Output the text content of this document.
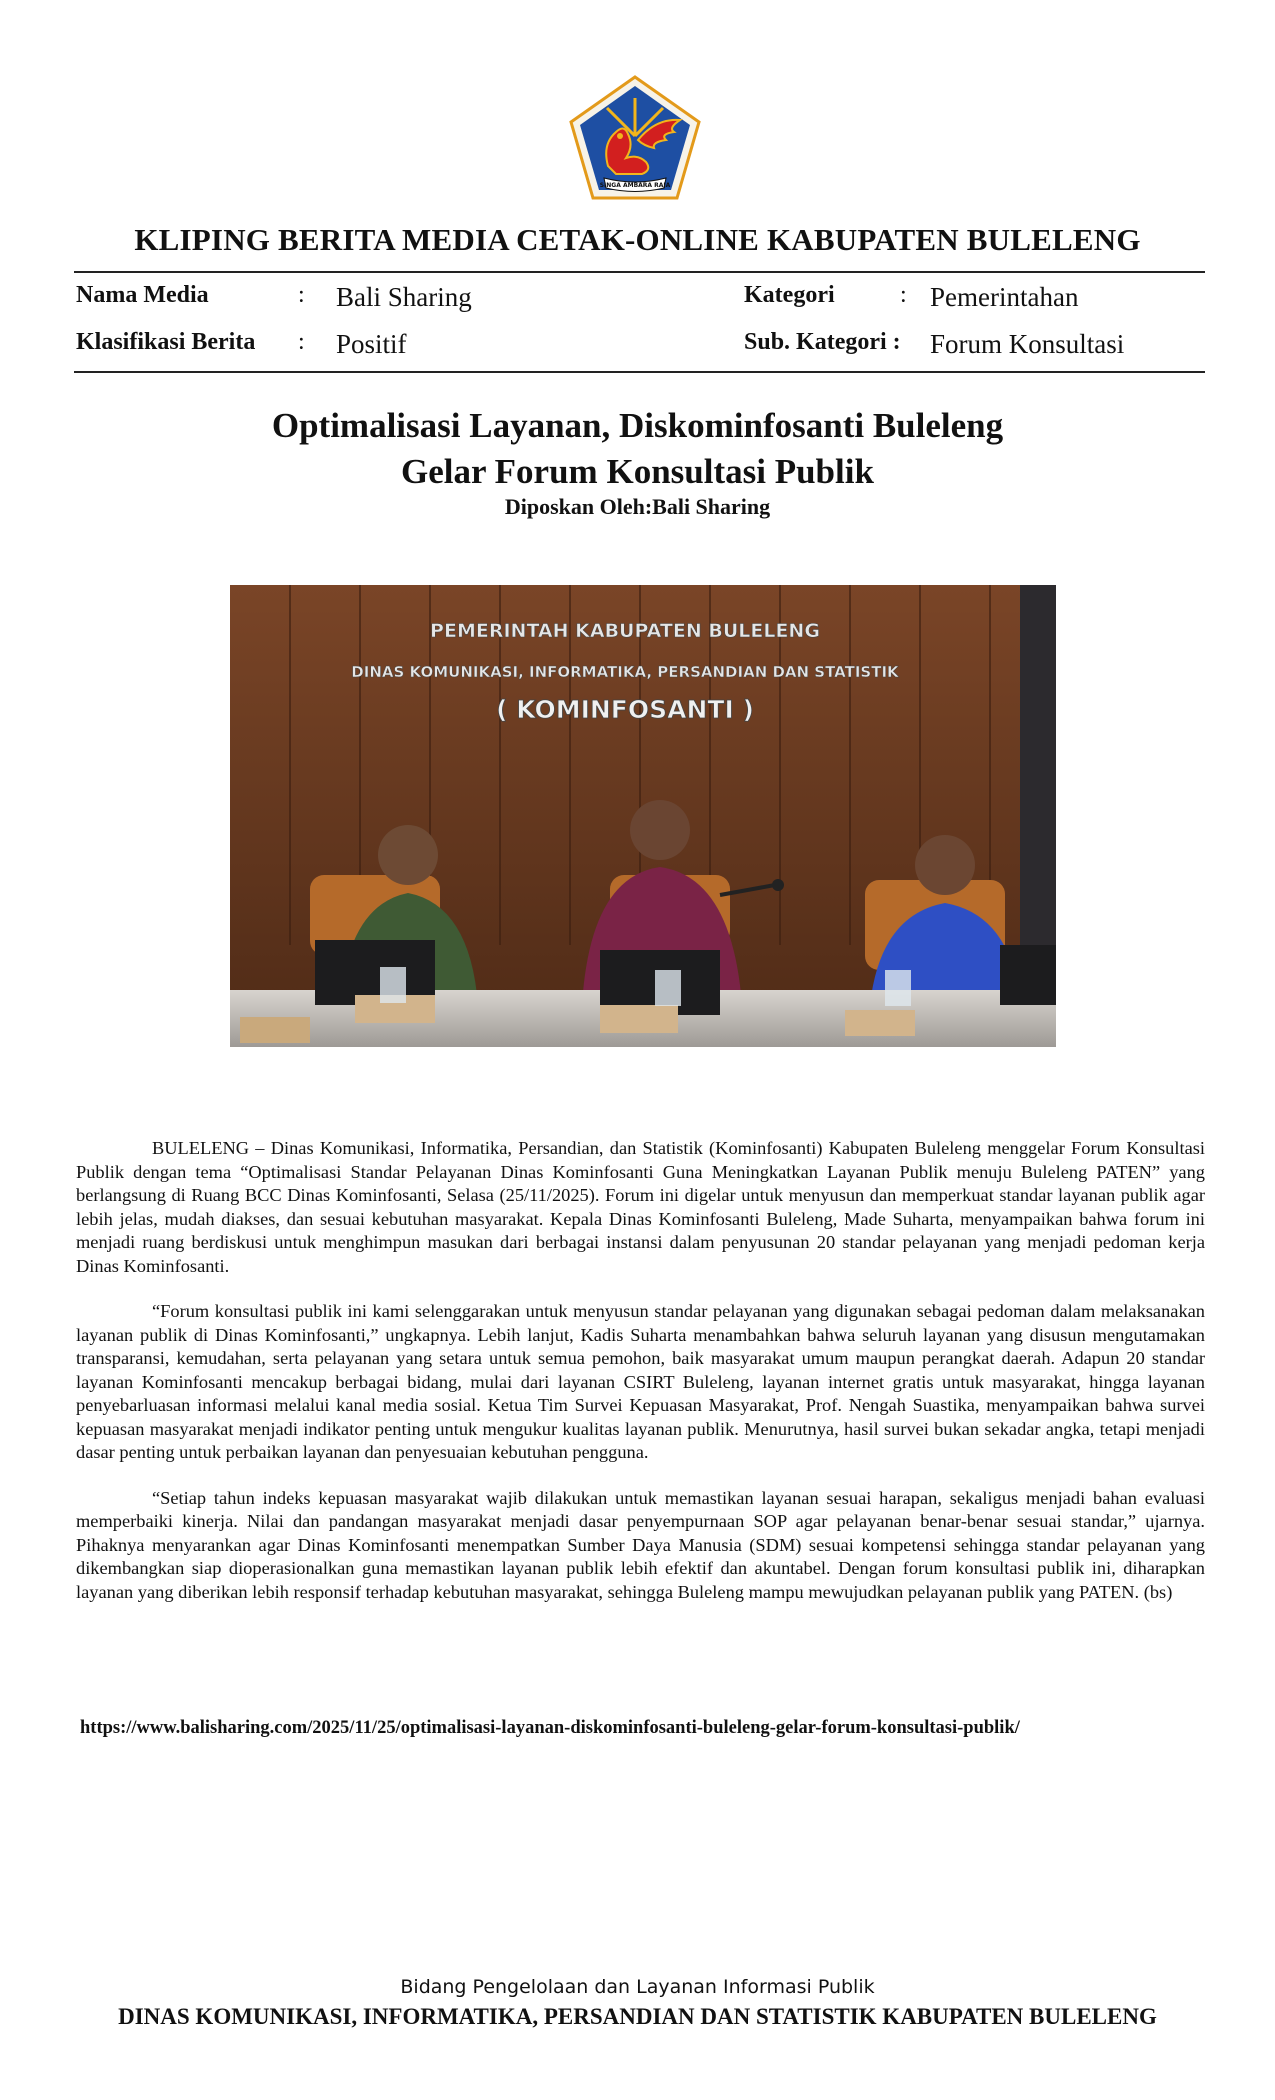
SINGA AMBARA RAJA
KLIPING BERITA MEDIA CETAK-ONLINE KABUPATEN BULELENG
Nama Media	: Bali Sharing	Kategori	: Pemerintahan
Klasifikasi Berita : Positif	Sub. Kategori : Forum Konsultasi
Optimalisasi Layanan, Diskominfosanti Buleleng
Gelar Forum Konsultasi Publik
Diposkan Oleh:Bali Sharing
PEMERINTAH KABUPATEN BULELENG
DINAS KOMUNIKASI, INFORMATIKA, PERSANDIAN DAN STATISTIK
( KOMINFOSANTI )

BULELENG – Dinas Komunikasi, Informatika, Persandian, dan Statistik (Kominfosanti) Kabupaten Buleleng menggelar Forum Konsultasi Publik dengan tema “Optimalisasi Standar Pelayanan Dinas Kominfosanti Guna Meningkatkan Layanan Publik menuju Buleleng PATEN” yang berlangsung di Ruang BCC Dinas Kominfosanti, Selasa (25/11/2025). Forum ini digelar untuk menyusun dan memperkuat standar layanan publik agar lebih jelas, mudah diakses, dan sesuai kebutuhan masyarakat. Kepala Dinas Kominfosanti Buleleng, Made Suharta, menyampaikan bahwa forum ini menjadi ruang berdiskusi untuk menghimpun masukan dari berbagai instansi dalam penyusunan 20 standar pelayanan yang menjadi pedoman kerja Dinas Kominfosanti.

“Forum konsultasi publik ini kami selenggarakan untuk menyusun standar pelayanan yang digunakan sebagai pedoman dalam melaksanakan layanan publik di Dinas Kominfosanti,” ungkapnya. Lebih lanjut, Kadis Suharta menambahkan bahwa seluruh layanan yang disusun mengutamakan transparansi, kemudahan, serta pelayanan yang setara untuk semua pemohon, baik masyarakat umum maupun perangkat daerah. Adapun 20 standar layanan Kominfosanti mencakup berbagai bidang, mulai dari layanan CSIRT Buleleng, layanan internet gratis untuk masyarakat, hingga layanan penyebarluasan informasi melalui kanal media sosial. Ketua Tim Survei Kepuasan Masyarakat, Prof. Nengah Suastika, menyampaikan bahwa survei kepuasan masyarakat menjadi indikator penting untuk mengukur kualitas layanan publik. Menurutnya, hasil survei bukan sekadar angka, tetapi menjadi dasar penting untuk perbaikan layanan dan penyesuaian kebutuhan pengguna.

“Setiap tahun indeks kepuasan masyarakat wajib dilakukan untuk memastikan layanan sesuai harapan, sekaligus menjadi bahan evaluasi memperbaiki kinerja. Nilai dan pandangan masyarakat menjadi dasar penyempurnaan SOP agar pelayanan benar-benar sesuai standar,” ujarnya. Pihaknya menyarankan agar Dinas Kominfosanti menempatkan Sumber Daya Manusia (SDM) sesuai kompetensi sehingga standar pelayanan yang dikembangkan siap dioperasionalkan guna memastikan layanan publik lebih efektif dan akuntabel. Dengan forum konsultasi publik ini, diharapkan layanan yang diberikan lebih responsif terhadap kebutuhan masyarakat, sehingga Buleleng mampu mewujudkan pelayanan publik yang PATEN. (bs)

https://www.balisharing.com/2025/11/25/optimalisasi-layanan-diskominfosanti-buleleng-gelar-forum-konsultasi-publik/
Bidang Pengelolaan dan Layanan Informasi Publik
DINAS KOMUNIKASI, INFORMATIKA, PERSANDIAN DAN STATISTIK KABUPATEN BULELENG
